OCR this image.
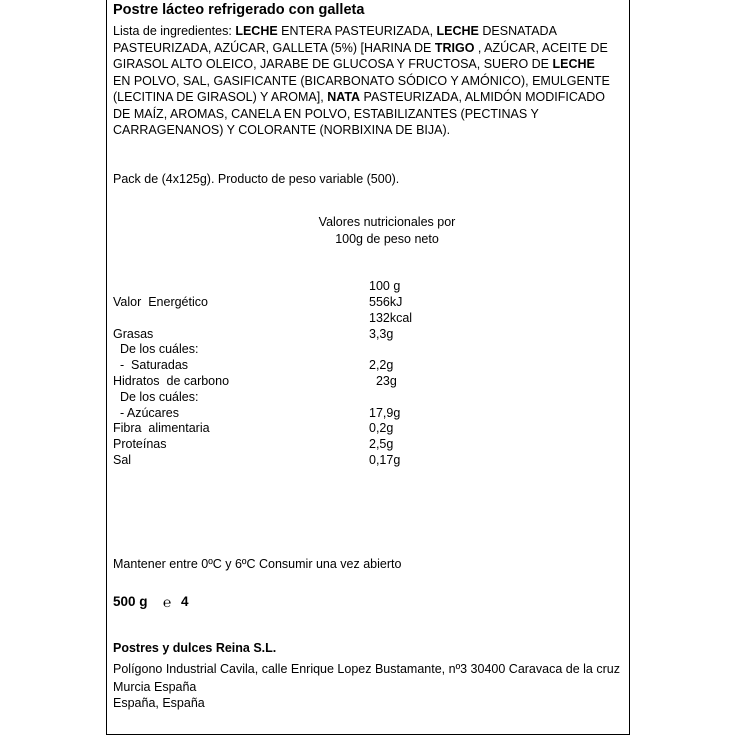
Postre lácteo refrigerado con galleta
Lista de ingredientes: LECHE ENTERA PASTEURIZADA, LECHE DESNATADA PASTEURIZADA, AZÚCAR, GALLETA (5%) [HARINA DE TRIGO , AZÚCAR, ACEITE DE GIRASOL ALTO OLEICO, JARABE DE GLUCOSA Y FRUCTOSA, SUERO DE LECHE EN POLVO, SAL, GASIFICANTE (BICARBONATO SÓDICO Y AMÓNICO), EMULGENTE (LECITINA DE GIRASOL) Y AROMA], NATA PASTEURIZADA, ALMIDÓN MODIFICADO DE MAÍZ, AROMAS, CANELA EN POLVO, ESTABILIZANTES (PECTINAS Y CARRAGENANOS) Y COLORANTE (NORBIXINA DE BIJA).
Pack de (4x125g). Producto de peso variable (500).
Valores nutricionales por
100g de peso neto
100 g
Valor  Energético	556kJ
132kcal
Grasas	3,3g
De los cuáles:
-  Saturadas	2,2g
Hidratos  de carbono	23g
De los cuáles:
- Azúcares	17,9g
Fibra  alimentaria	0,2g
Proteínas	2,5g
Sal	0,17g
Mantener entre 0ºC y 6ºC Consumir una vez abierto
500 g ℮ 4
Postres y dulces Reina S.L.
Polígono Industrial Cavila, calle Enrique Lopez Bustamante, nº3 30400 Caravaca de la cruz Murcia España
España, España
